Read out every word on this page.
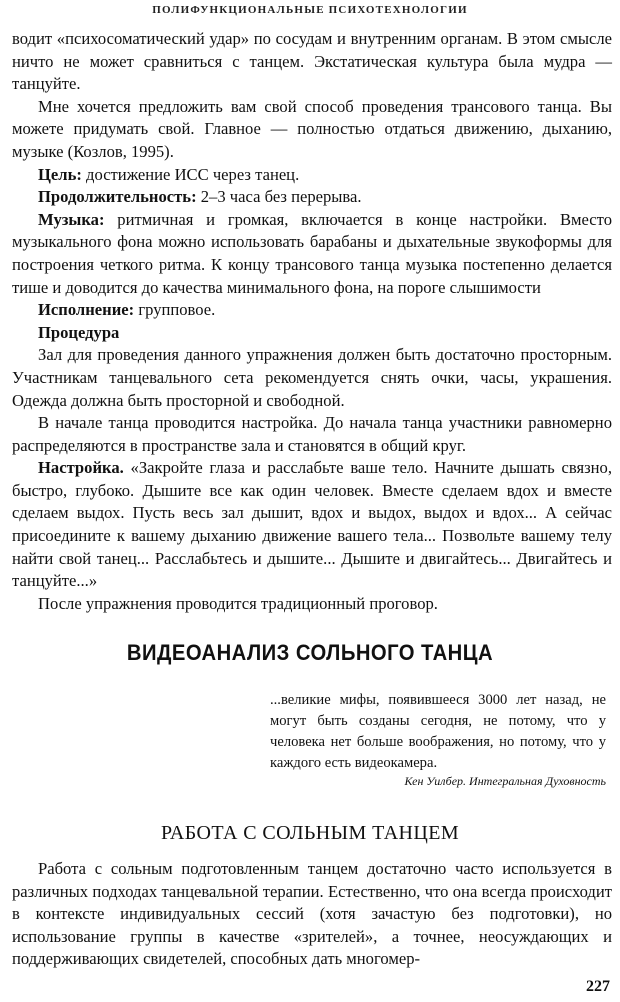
ПОЛИФУНКЦИОНАЛЬНЫЕ ПСИХОТЕХНОЛОГИИ

водит «психосоматический удар» по сосудам и внутренним органам. В этом смысле ничто не может сравниться с танцем. Экстатическая культура была мудра — танцуйте.

Мне хочется предложить вам свой способ проведения трансового танца. Вы можете придумать свой. Главное — полностью отдаться движению, дыханию, музыке (Козлов, 1995).

Цель: достижение ИСС через танец.

Продолжительность: 2–3 часа без перерыва.

Музыка: ритмичная и громкая, включается в конце настройки. Вместо музыкального фона можно использовать барабаны и дыхательные звукоформы для построения четкого ритма. К концу трансового танца музыка постепенно делается тише и доводится до качества минимального фона, на пороге слышимости

Исполнение: групповое.

Процедура

Зал для проведения данного упражнения должен быть достаточно просторным. Участникам танцевального сета рекомендуется снять очки, часы, украшения. Одежда должна быть просторной и свободной.

В начале танца проводится настройка. До начала танца участники равномерно распределяются в пространстве зала и становятся в общий круг.

Настройка. «Закройте глаза и расслабьте ваше тело. Начните дышать связно, быстро, глубоко. Дышите все как один человек. Вместе сделаем вдох и вместе сделаем выдох. Пусть весь зал дышит, вдох и выдох, выдох и вдох... А сейчас присоедините к вашему дыханию движение вашего тела... Позвольте вашему телу найти свой танец... Расслабьтесь и дышите... Дышите и двигайтесь... Двигайтесь и танцуйте...»

После упражнения проводится традиционный проговор.

ВИДЕОАНАЛИЗ СОЛЬНОГО ТАНЦА
...великие мифы, появившееся 3000 лет назад, не могут быть созданы сегодня, не потому, что у человека нет больше воображения, но потому, что у каждого есть видеокамера.
Кен Уилбер. Интегральная Духовность
РАБОТА С СОЛЬНЫМ ТАНЦЕМ

Работа с сольным подготовленным танцем достаточно часто используется в различных подходах танцевальной терапии. Естественно, что она всегда происходит в контексте индивидуальных сессий (хотя зачастую без подготовки), но использование группы в качестве «зрителей», а точнее, неосуждающих и поддерживающих свидетелей, способных дать многомер-

227
